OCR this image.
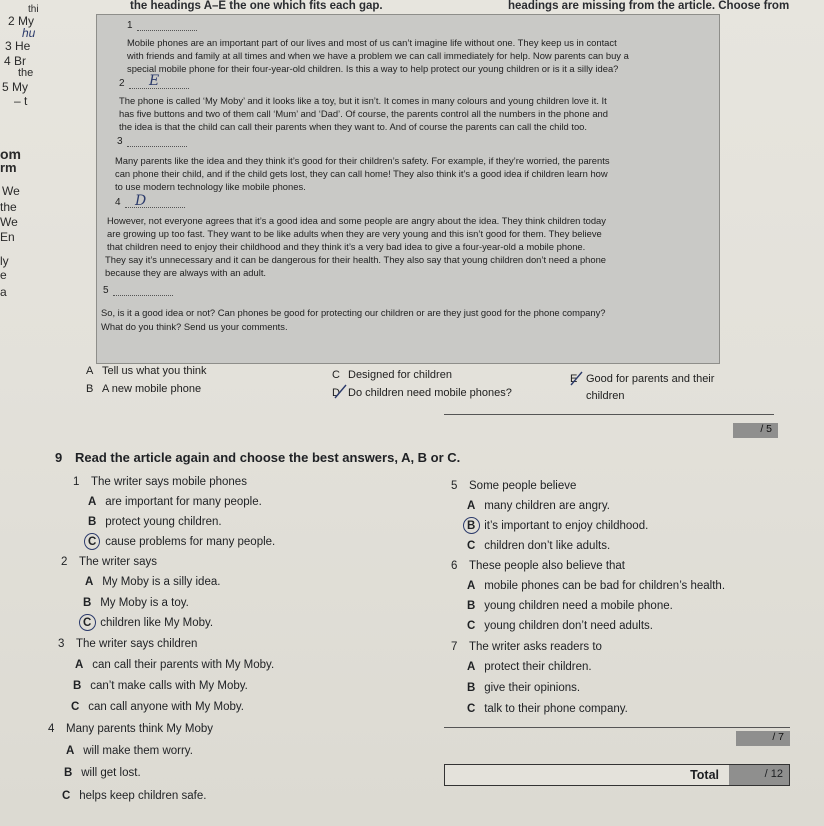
the headings A–E the one which fits each gap.	headings are missing from the article. Choose from
thi
2 My
hu
3 He
4 Br
the
5 My
– t
om
rm
We
the
We
En
ly
e
a
1
Mobile phones are an important part of our lives and most of us can’t imagine life without one. They keep us in contact
with friends and family at all times and when we have a problem we can call immediately for help. Now parents can buy a
special mobile phone for their four-year-old children. Is this a way to help protect our young children or is it a silly idea?
2 E
The phone is called ‘My Moby’ and it looks like a toy, but it isn’t. It comes in many colours and young children love it. It
has five buttons and two of them call ‘Mum’ and ‘Dad’. Of course, the parents control all the numbers in the phone and
the idea is that the child can call their parents when they want to. And of course the parents can call the child too.
3
Many parents like the idea and they think it’s good for their children’s safety. For example, if they’re worried, the parents
can phone their child, and if the child gets lost, they can call home! They also think it’s a good idea if children learn how
to use modern technology like mobile phones.
4 D
However, not everyone agrees that it’s a good idea and some people are angry about the idea. They think children today
are growing up too fast. They want to be like adults when they are very young and this isn’t good for them. They believe
that children need to enjoy their childhood and they think it’s a very bad idea to give a four-year-old a mobile phone.
They say it’s unnecessary and it can be dangerous for their health. They also say that young children don’t need a phone
because they are always with an adult.
5
So, is it a good idea or not? Can phones be good for protecting our children or are they just good for the phone company?
What do you think? Send us your comments.
A Tell us what you think
B A new mobile phone
C Designed for children
D Do children need mobile phones?
E Good for parents and their
children
/ 5
9 Read the article again and choose the best answers, A, B or C.
1 The writer says mobile phones
A are important for many people.
B protect young children.
C cause problems for many people.
2 The writer says
A My Moby is a silly idea.
B My Moby is a toy.
C children like My Moby.
3 The writer says children
A can call their parents with My Moby.
B can’t make calls with My Moby.
C can call anyone with My Moby.
4 Many parents think My Moby
A will make them worry.
B will get lost.
C helps keep children safe.
5 Some people believe
A many children are angry.
B it’s important to enjoy childhood.
C children don’t like adults.
6 These people also believe that
A mobile phones can be bad for children’s health.
B young children need a mobile phone.
C young children don’t need adults.
7 The writer asks readers to
A protect their children.
B give their opinions.
C talk to their phone company.
/ 7
Total	/ 12
